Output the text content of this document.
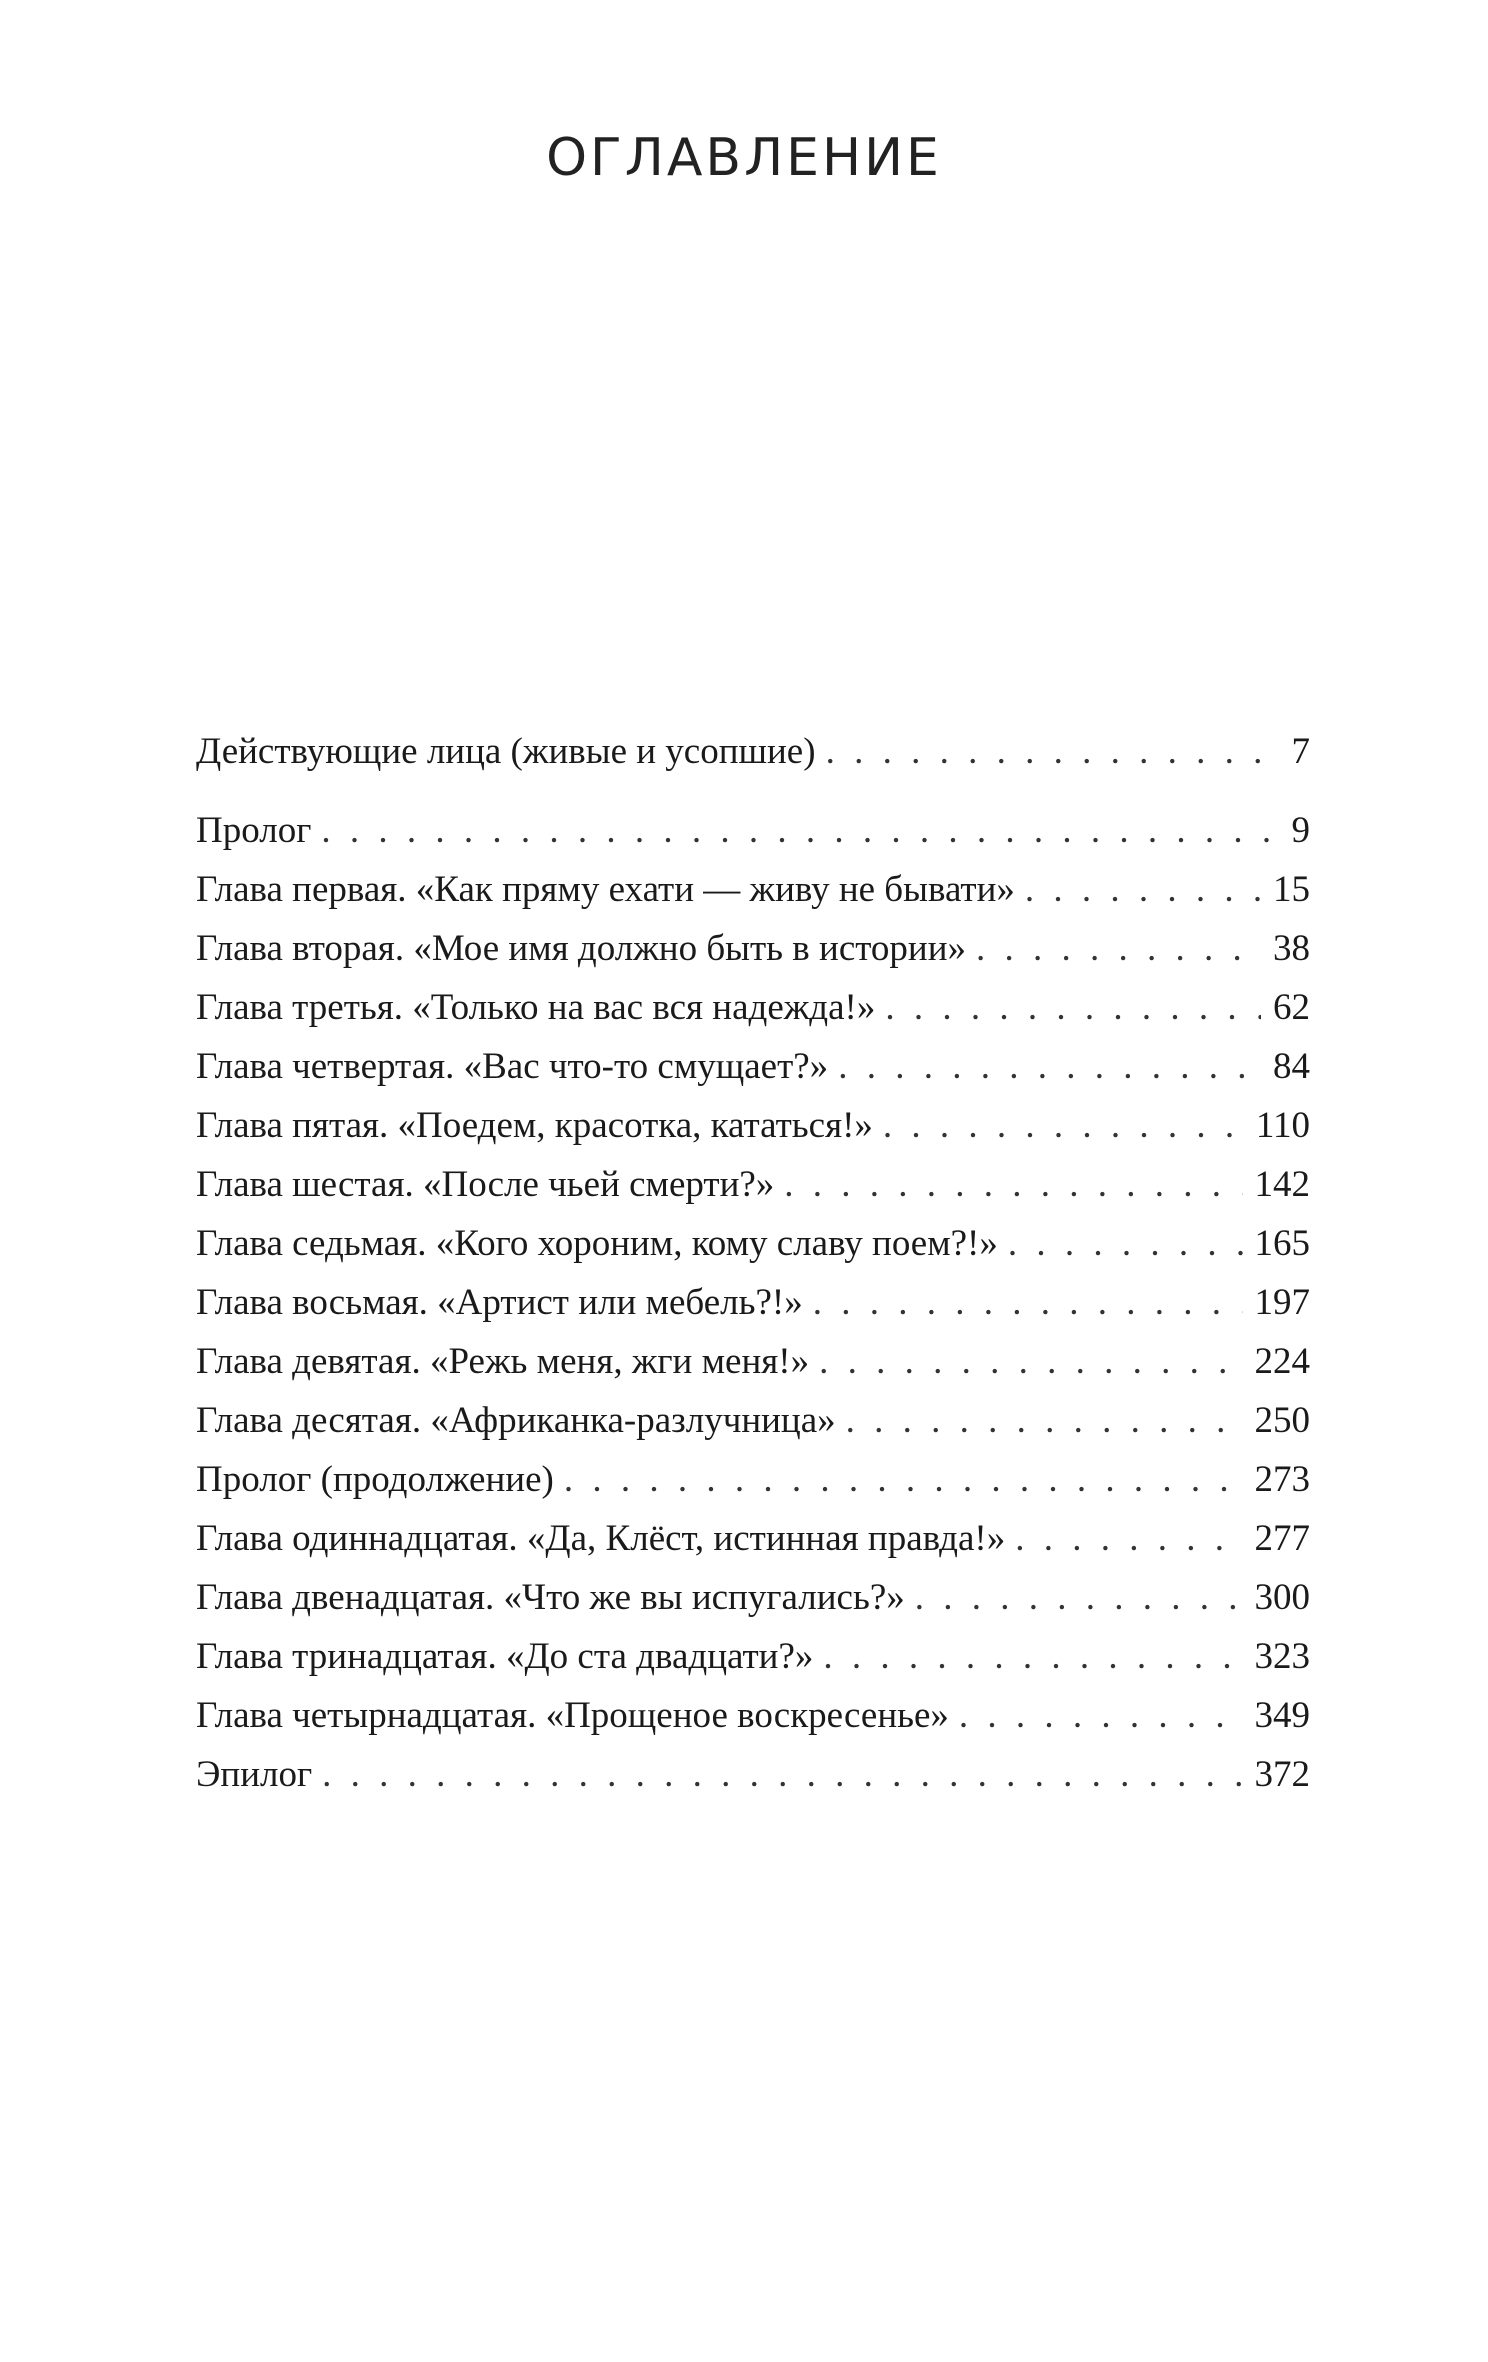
ОГЛАВЛЕНИЕ
Действующие лица (живые и усопшие) . . .	7
Пролог . . .	9
Глава первая. «Как пряму ехати — живу не бывати» . . .	15
Глава вторая. «Мое имя должно быть в истории» . . .	38
Глава третья. «Только на вас вся надежда!» . . .	62
Глава четвертая. «Вас что-то смущает?» . . .	84
Глава пятая. «Поедем, красотка, кататься!» . . .	110
Глава шестая. «После чьей смерти?» . . .	142
Глава седьмая. «Кого хороним, кому славу поем?!» . . .	165
Глава восьмая. «Артист или мебель?!» . . .	197
Глава девятая. «Режь меня, жги меня!» . . .	224
Глава десятая. «Африканка-разлучница» . . .	250
Пролог (продолжение) . . .	273
Глава одиннадцатая. «Да, Клёст, истинная правда!» . . .	277
Глава двенадцатая. «Что же вы испугались?» . . .	300
Глава тринадцатая. «До ста двадцати?» . . .	323
Глава четырнадцатая. «Прощеное воскресенье» . . .	349
Эпилог . . .	372
